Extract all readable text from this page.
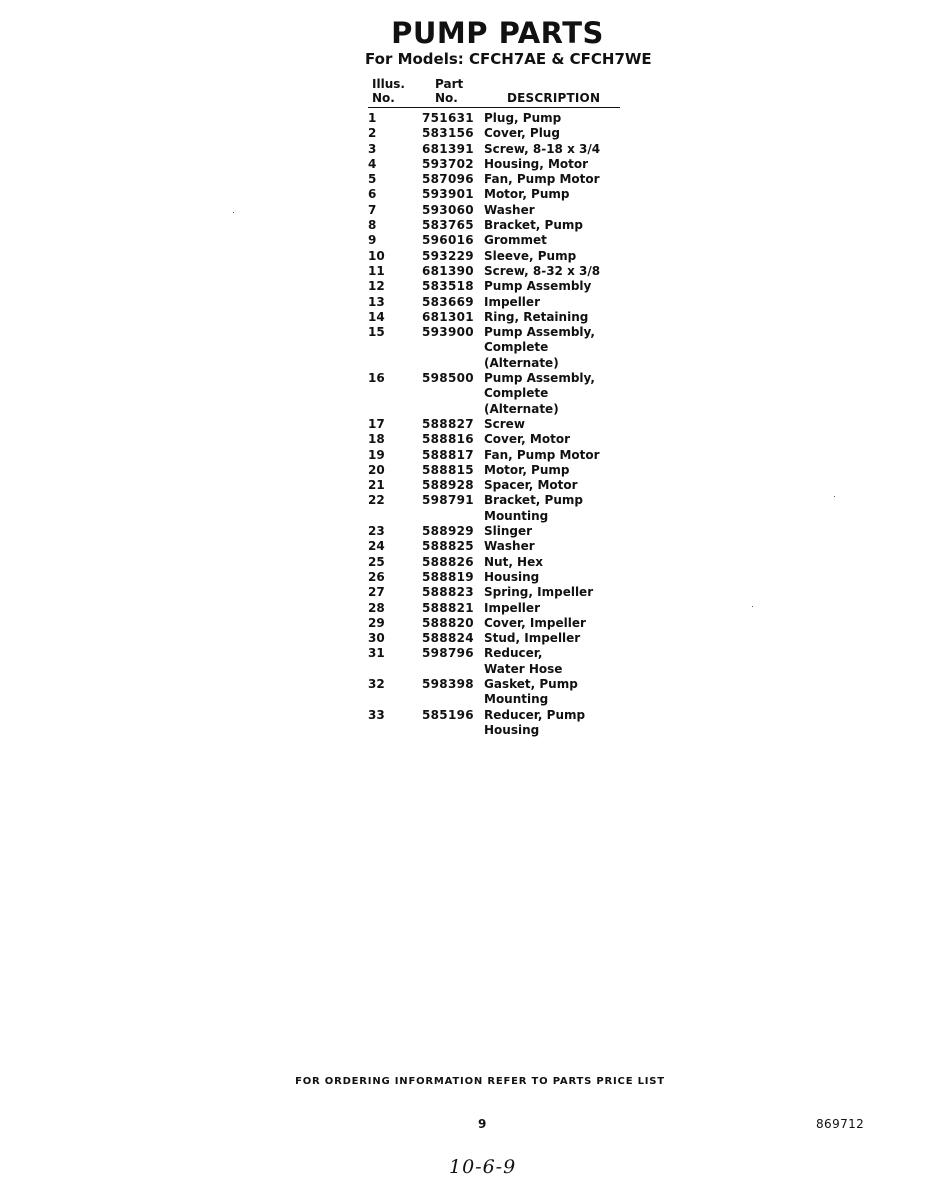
PUMP PARTS
For Models: CFCH7AE & CFCH7WE
Illus.
No.
Part
No.	DESCRIPTION
1	751631 Plug, Pump
2	583156 Cover, Plug
3	681391 Screw, 8-18 x 3/4
4	593702 Housing, Motor
5	587096 Fan, Pump Motor
6	593901 Motor, Pump
7	593060 Washer
8	583765 Bracket, Pump
9	596016 Grommet
10	593229 Sleeve, Pump
11	681390 Screw, 8-32 x 3/8
12	583518 Pump Assembly
13	583669 Impeller
14	681301 Ring, Retaining
15	593900 Pump Assembly,
Complete
(Alternate)
16	598500 Pump Assembly,
Complete
(Alternate)
17	588827 Screw
18	588816 Cover, Motor
19	588817 Fan, Pump Motor
20	588815 Motor, Pump
21	588928 Spacer, Motor
22	598791 Bracket, Pump
Mounting
23	588929 Slinger
24	588825 Washer
25	588826 Nut, Hex
26	588819 Housing
27	588823 Spring, Impeller
28	588821 Impeller
29	588820 Cover, Impeller
30	588824 Stud, Impeller
31	598796 Reducer,
Water Hose
32	598398 Gasket, Pump
Mounting
33	585196 Reducer, Pump
Housing
FOR ORDERING INFORMATION REFER TO PARTS PRICE LIST
9	869712
10-6-9
